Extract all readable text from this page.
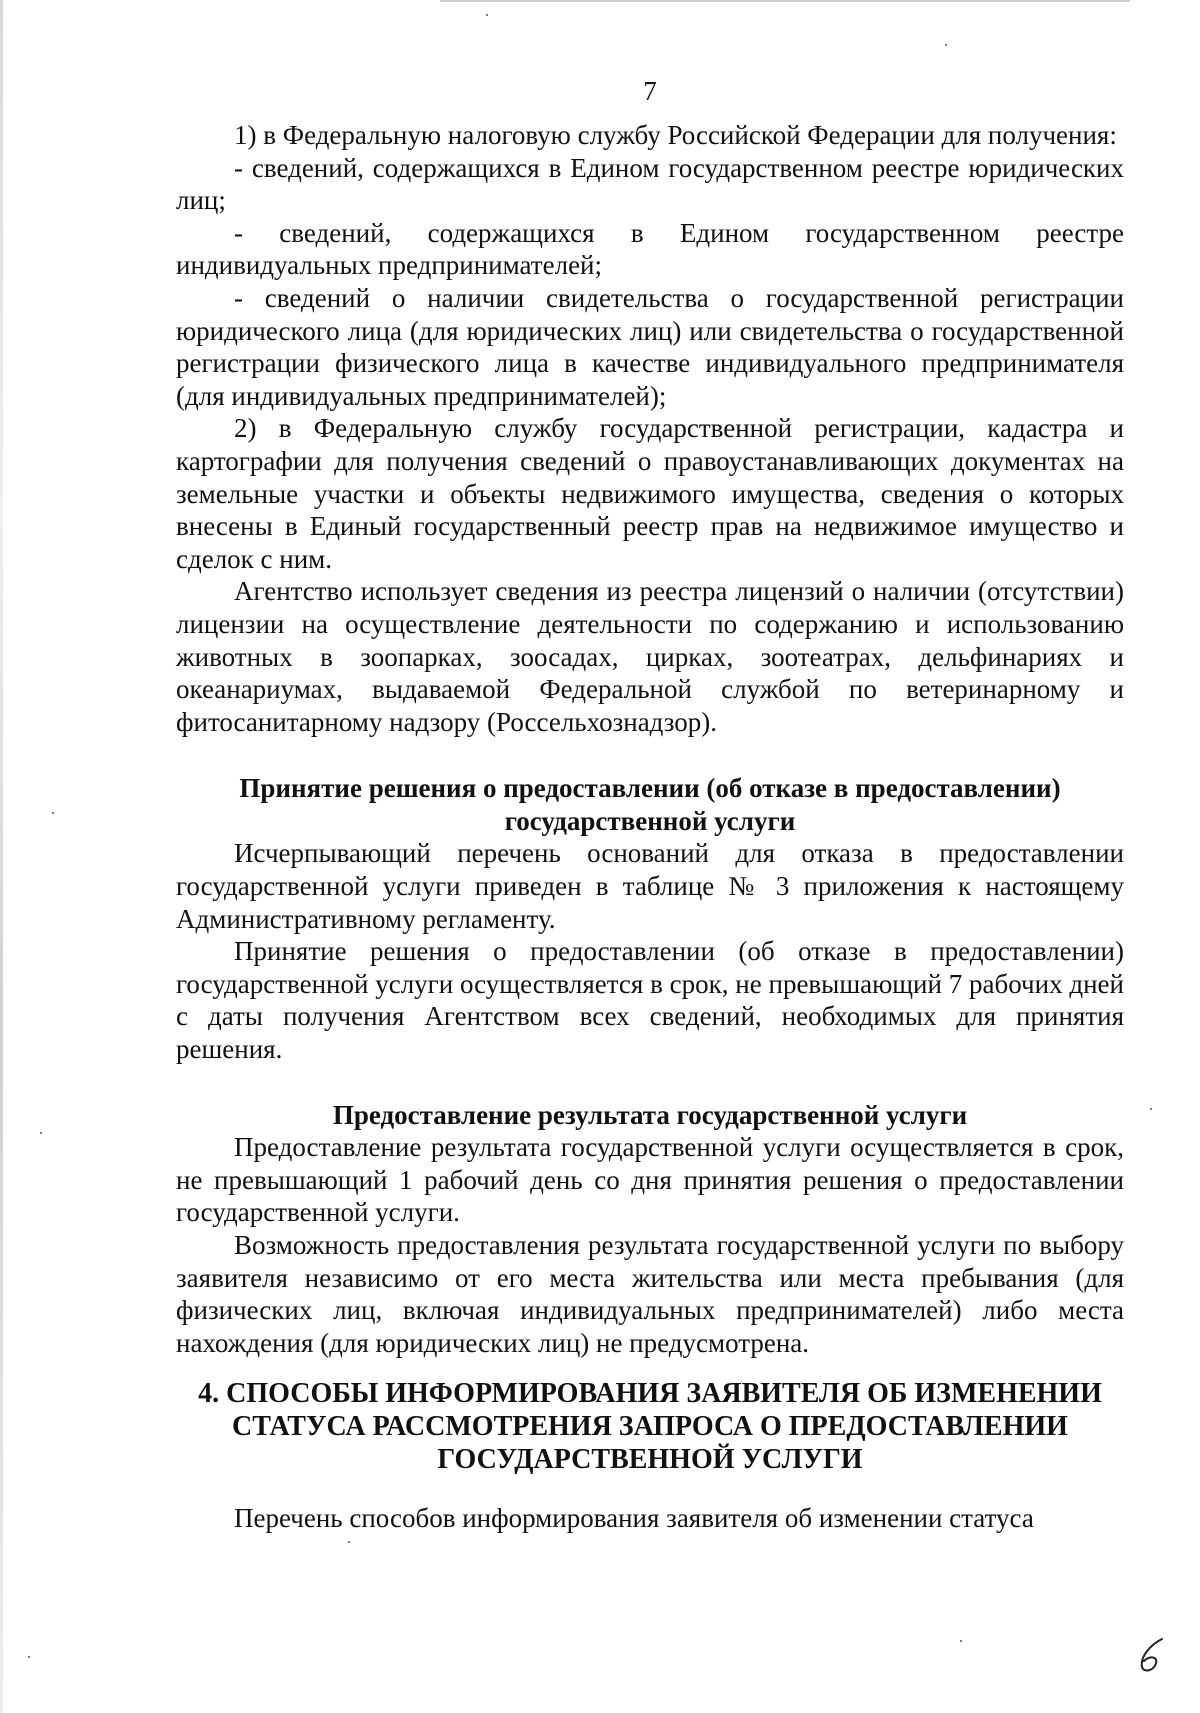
7

1) в Федеральную налоговую службу Российской Федерации для получения:

- сведений, содержащихся в Едином государственном реестре юридических лиц;

- сведений, содержащихся в Едином государственном реестре индивидуальных предпринимателей;

- сведений о наличии свидетельства о государственной регистрации юридического лица (для юридических лиц) или свидетельства о государственной регистрации физического лица в качестве индивидуального предпринимателя (для индивидуальных предпринимателей);

2) в Федеральную службу государственной регистрации, кадастра и картографии для получения сведений о правоустанавливающих документах на земельные участки и объекты недвижимого имущества, сведения о которых внесены в Единый государственный реестр прав на недвижимое имущество и сделок с ним.

Агентство использует сведения из реестра лицензий о наличии (отсутствии) лицензии на осуществление деятельности по содержанию и использованию животных в зоопарках, зоосадах, цирках, зоотеатрах, дельфинариях и океанариумах, выдаваемой Федеральной службой по ветеринарному и фитосанитарному надзору (Россельхознадзор).

Принятие решения о предоставлении (об отказе в предоставлении)
государственной услуги

Исчерпывающий перечень оснований для отказа в предоставлении государственной услуги приведен в таблице № 3 приложения к настоящему Административному регламенту.

Принятие решения о предоставлении (об отказе в предоставлении) государственной услуги осуществляется в срок, не превышающий 7 рабочих дней с даты получения Агентством всех сведений, необходимых для принятия решения.

Предоставление результата государственной услуги

Предоставление результата государственной услуги осуществляется в срок, не превышающий 1 рабочий день со дня принятия решения о предоставлении государственной услуги.

Возможность предоставления результата государственной услуги по выбору заявителя независимо от его места жительства или места пребывания (для физических лиц, включая индивидуальных предпринимателей) либо места нахождения (для юридических лиц) не предусмотрена.

4. СПОСОБЫ ИНФОРМИРОВАНИЯ ЗАЯВИТЕЛЯ ОБ ИЗМЕНЕНИИ
СТАТУСА РАССМОТРЕНИЯ ЗАПРОСА О ПРЕДОСТАВЛЕНИИ
ГОСУДАРСТВЕННОЙ УСЛУГИ

Перечень способов информирования заявителя об изменении статуса
